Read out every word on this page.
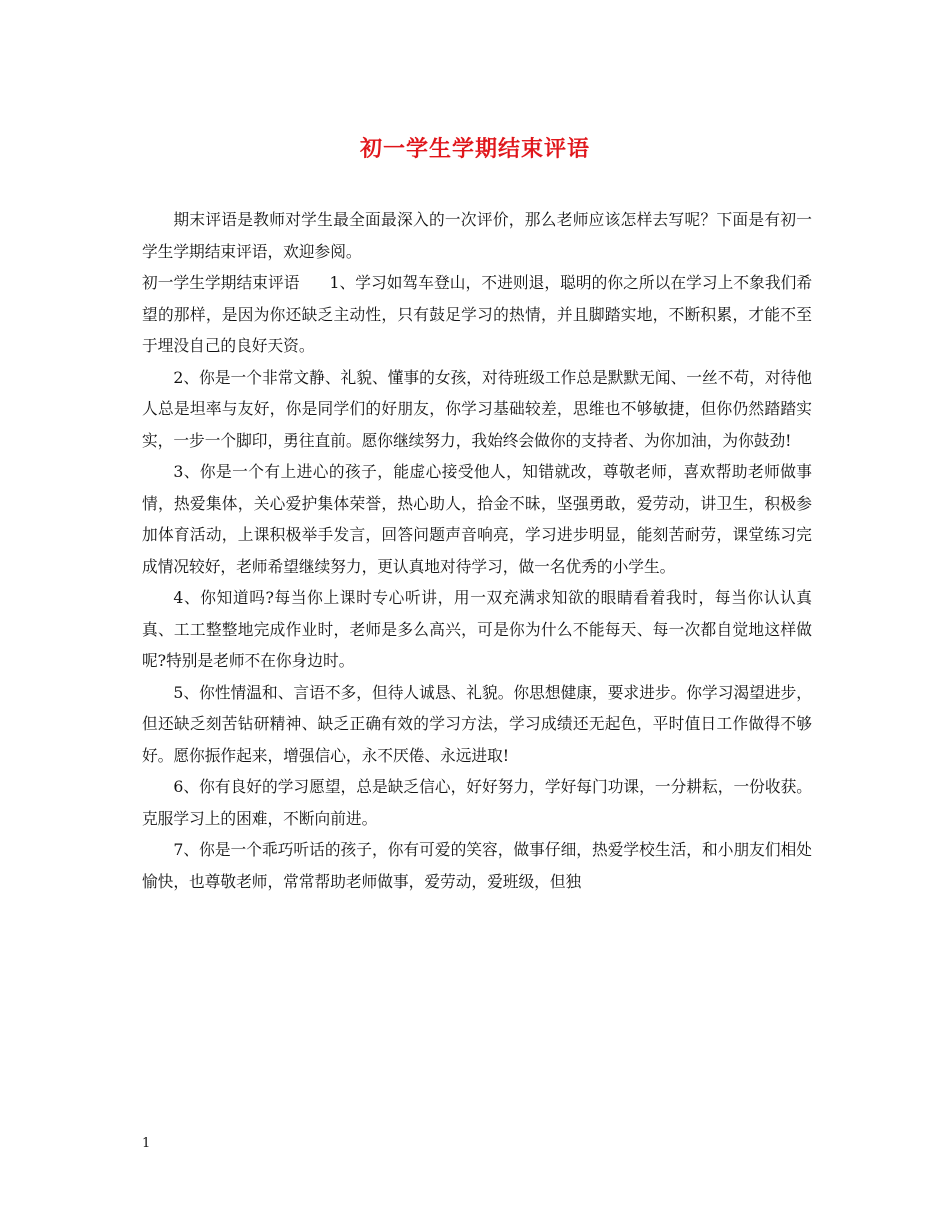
初一学生学期结束评语

期末评语是教师对学生最全面最深入的一次评价，那么老师应该怎样去写呢？下面是有初一学生学期结束评语，欢迎参阅。

初一学生学期结束评语 1、学习如驾车登山，不进则退，聪明的你之所以在学习上不象我们希望的那样，是因为你还缺乏主动性，只有鼓足学习的热情，并且脚踏实地，不断积累，才能不至于埋没自己的良好天资。

2、你是一个非常文静、礼貌、懂事的女孩，对待班级工作总是默默无闻、一丝不苟，对待他人总是坦率与友好，你是同学们的好朋友，你学习基础较差，思维也不够敏捷，但你仍然踏踏实实，一步一个脚印，勇往直前。愿你继续努力，我始终会做你的支持者、为你加油，为你鼓劲!

3、你是一个有上进心的孩子，能虚心接受他人，知错就改，尊敬老师，喜欢帮助老师做事情，热爱集体，关心爱护集体荣誉，热心助人，拾金不昧，坚强勇敢，爱劳动，讲卫生，积极参加体育活动，上课积极举手发言，回答问题声音响亮，学习进步明显，能刻苦耐劳，课堂练习完成情况较好，老师希望继续努力，更认真地对待学习，做一名优秀的小学生。

4、你知道吗?每当你上课时专心听讲，用一双充满求知欲的眼睛看着我时，每当你认认真真、工工整整地完成作业时，老师是多么高兴，可是你为什么不能每天、每一次都自觉地这样做呢?特别是老师不在你身边时。

5、你性情温和、言语不多，但待人诚恳、礼貌。你思想健康，要求进步。你学习渴望进步，但还缺乏刻苦钻研精神、缺乏正确有效的学习方法，学习成绩还无起色，平时值日工作做得不够好。愿你振作起来，增强信心，永不厌倦、永远进取!

6、你有良好的学习愿望，总是缺乏信心，好好努力，学好每门功课，一分耕耘，一份收获。克服学习上的困难，不断向前进。

7、你是一个乖巧听话的孩子，你有可爱的笑容，做事仔细，热爱学校生活，和小朋友们相处愉快，也尊敬老师，常常帮助老师做事，爱劳动，爱班级，但独

1
